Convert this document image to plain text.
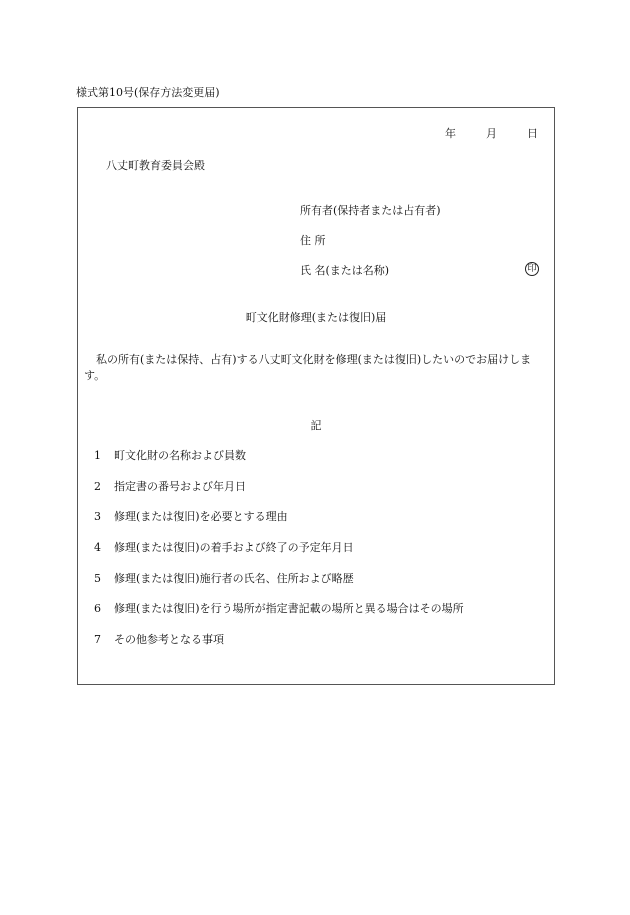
様式第10号(保存方法変更届)
年	月	日
八丈町教育委員会殿
所有者(保持者または占有者)
住 所
氏 名(または名称)	印
町文化財修理(または復旧)届
私の所有(または保持、占有)する八丈町文化財を修理(または復旧)したいのでお届けします。
記
1 町文化財の名称および員数
2 指定書の番号および年月日
3 修理(または復旧)を必要とする理由
4 修理(または復旧)の着手および終了の予定年月日
5 修理(または復旧)施行者の氏名、住所および略歴
6 修理(または復旧)を行う場所が指定書記載の場所と異る場合はその場所
7 その他参考となる事項
